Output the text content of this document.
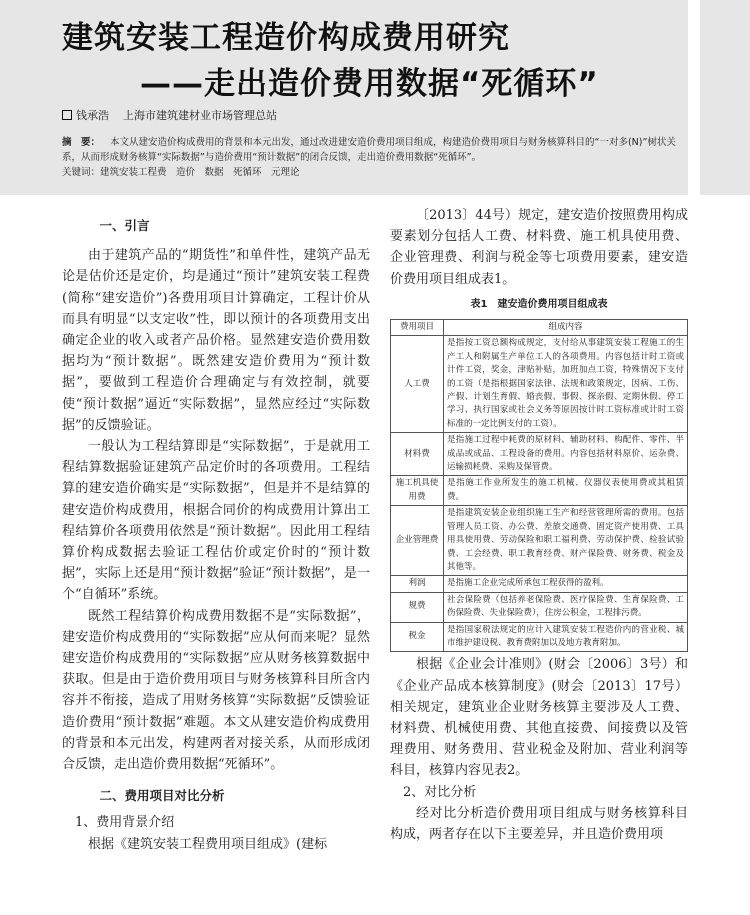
建筑安装工程造价构成费用研究
——走出造价费用数据“死循环”
钱承浩 上海市建筑建材业市场管理总站
摘　要： 本文从建安造价构成费用的背景和本元出发，通过改进建安造价费用项目组成，构建造价费用项目与财务核算科目的“一对多(N)”树状关系，从而形成财务核算“实际数据”与造价费用“预计数据”的闭合反馈，走出造价费用数据“死循环”。
关键词：建筑安装工程费　造价　数据　死循环　元理论

一、引言

由于建筑产品的“期货性”和单件性，建筑产品无论是估价还是定价，均是通过“预计”建筑安装工程费(简称“建安造价”)各费用项目计算确定，工程计价从而具有明显“以支定收”性，即以预计的各项费用支出确定企业的收入或者产品价格。显然建安造价费用数据均为“预计数据”。既然建安造价费用为“预计数据”，要做到工程造价合理确定与有效控制，就要使“预计数据”逼近“实际数据”，显然应经过“实际数据”的反馈验证。

一般认为工程结算即是“实际数据”，于是就用工程结算数据验证建筑产品定价时的各项费用。工程结算的建安造价确实是“实际数据”，但是并不是结算的建安造价构成费用，根据合同价的构成费用计算出工程结算价各项费用依然是“预计数据”。因此用工程结算价构成数据去验证工程估价或定价时的“预计数据”，实际上还是用“预计数据”验证“预计数据”，是一个“自循环”系统。

既然工程结算价构成费用数据不是“实际数据”，建安造价构成费用的“实际数据”应从何而来呢？显然建安造价构成费用的“实际数据”应从财务核算数据中获取。但是由于造价费用项目与财务核算科目所含内容并不衔接，造成了用财务核算“实际数据”反馈验证造价费用“预计数据”难题。本文从建安造价构成费用的背景和本元出发，构建两者对接关系，从而形成闭合反馈，走出造价费用数据“死循环”。

二、费用项目对比分析

1、费用背景介绍

根据《建筑安装工程费用项目组成》(建标

〔2013〕44号）规定，建安造价按照费用构成要素划分包括人工费、材料费、施工机具使用费、企业管理费、利润与税金等七项费用要素，建安造价费用项目组成表1。

表1　建安造价费用项目组成表
费用项目	组成内容
人工费	是指按工资总额构成规定，支付给从事建筑安装工程施工的生产工人和附属生产单位工人的各项费用。内容包括计时工资或计件工资，奖金，津贴补贴，加班加点工资，特殊情况下支付的工资（是指根据国家法律、法规和政策规定，因病、工伤、产假、计划生育假、婚丧假、事假、探亲假、定期休假、停工学习、执行国家或社会义务等原因按计时工资标准或计时工资标准的一定比例支付的工资）。
材料费	是指施工过程中耗费的原材料、辅助材料、构配件、零件、半成品或成品、工程设备的费用。内容包括材料原价、运杂费、运输损耗费、采购及保管费。
施工机具使用费	是指施工作业所发生的施工机械、仪器仪表使用费或其租赁费。
企业管理费	是指建筑安装企业组织施工生产和经营管理所需的费用。包括管理人员工资、办公费、差旅交通费、固定资产使用费、工具用具使用费、劳动保险和职工福利费、劳动保护费、检验试验费、工会经费、职工教育经费、财产保险费、财务费、税金及其他等。
利润	是指施工企业完成所承包工程获得的盈利。
规费	社会保险费（包括养老保险费、医疗保险费、生育保险费、工伤保险费、失业保险费），住房公积金，工程排污费。
税金	是指国家税法规定的应计入建筑安装工程造价内的营业税、城市维护建设税、教育费附加以及地方教育附加。

根据《企业会计准则》(财会〔2006〕3号）和《企业产品成本核算制度》(财会〔2013〕17号）相关规定，建筑业企业财务核算主要涉及人工费、材料费、机械使用费、其他直接费、间接费以及管理费用、财务费用、营业税金及附加、营业利润等科目，核算内容见表2。

2、对比分析

经对比分析造价费用项目组成与财务核算科目构成，两者存在以下主要差异，并且造价费用项
